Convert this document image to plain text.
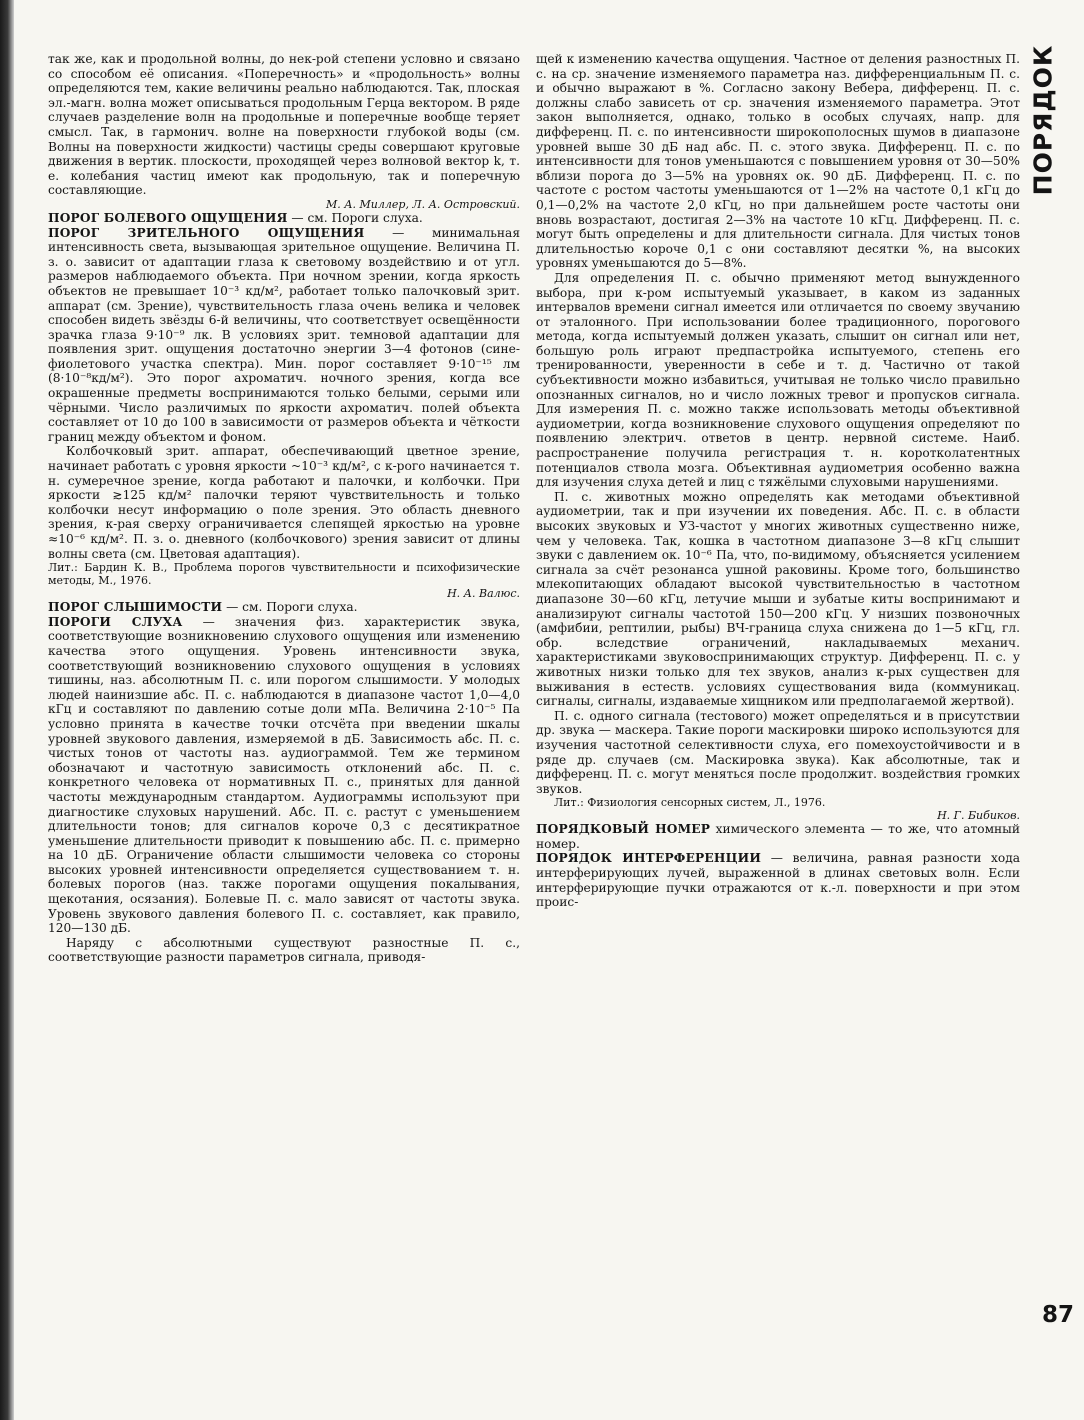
так же, как и продольной волны, до нек-рой степени условно и связано со способом её описания. «Поперечность» и «продольность» волны определяются тем, какие величины реально наблюдаются. Так, плоская эл.-магн. волна может описываться продольным Герца вектором. В ряде случаев разделение волн на продольные и поперечные вообще теряет смысл. Так, в гармонич. волне на поверхности глубокой воды (см. Волны на поверхности жидкости) частицы среды совершают круговые движения в вертик. плоскости, проходящей через волновой вектор k, т. е. колебания частиц имеют как продольную, так и поперечную составляющие.

М. А. Миллер, Л. А. Островский.

ПОРОГ БОЛЕВОГО ОЩУЩЕНИЯ — см. Пороги слуха.

ПОРОГ ЗРИТЕЛЬНОГО ОЩУЩЕНИЯ — минимальная интенсивность света, вызывающая зрительное ощущение. Величина П. з. о. зависит от адаптации глаза к световому воздействию и от угл. размеров наблюдаемого объекта. При ночном зрении, когда яркость объектов не превышает 10⁻³ кд/м², работает только палочковый зрит. аппарат (см. Зрение), чувствительность глаза очень велика и человек способен видеть звёзды 6-й величины, что соответствует освещённости зрачка глаза 9·10⁻⁹ лк. В условиях зрит. темновой адаптации для появления зрит. ощущения достаточно энергии 3—4 фотонов (сине-фиолетового участка спектра). Мин. порог составляет 9·10⁻¹⁵ лм (8·10⁻⁸кд/м²). Это порог ахроматич. ночного зрения, когда все окрашенные предметы воспринимаются только белыми, серыми или чёрными. Число различимых по яркости ахроматич. полей объекта составляет от 10 до 100 в зависимости от размеров объекта и чёткости границ между объектом и фоном.

Колбочковый зрит. аппарат, обеспечивающий цветное зрение, начинает работать с уровня яркости ~10⁻³ кд/м², с к-рого начинается т. н. сумеречное зрение, когда работают и палочки, и колбочки. При яркости ≳125 кд/м² палочки теряют чувствительность и только колбочки несут информацию о поле зрения. Это область дневного зрения, к-рая сверху ограничивается слепящей яркостью на уровне ≈10⁻⁶ кд/м². П. з. о. дневного (колбочкового) зрения зависит от длины волны света (см. Цветовая адаптация).

Лит.: Бардин К. В., Проблема порогов чувствительности и психофизические методы, М., 1976.

Н. А. Валюс.

ПОРОГ СЛЫШИМОСТИ — см. Пороги слуха.

ПОРОГИ СЛУХА — значения физ. характеристик звука, соответствующие возникновению слухового ощущения или изменению качества этого ощущения. Уровень интенсивности звука, соответствующий возникновению слухового ощущения в условиях тишины, наз. абсолютным П. с. или порогом слышимости. У молодых людей наинизшие абс. П. с. наблюдаются в диапазоне частот 1,0—4,0 кГц и составляют по давлению сотые доли мПа. Величина 2·10⁻⁵ Па условно принята в качестве точки отсчёта при введении шкалы уровней звукового давления, измеряемой в дБ. Зависимость абс. П. с. чистых тонов от частоты наз. аудиограммой. Тем же термином обозначают и частотную зависимость отклонений абс. П. с. конкретного человека от нормативных П. с., принятых для данной частоты международным стандартом. Аудиограммы используют при диагностике слуховых нарушений. Абс. П. с. растут с уменьшением длительности тонов; для сигналов короче 0,3 с десятикратное уменьшение длительности приводит к повышению абс. П. с. примерно на 10 дБ. Ограничение области слышимости человека со стороны высоких уровней интенсивности определяется существованием т. н. болевых порогов (наз. также порогами ощущения покалывания, щекотания, осязания). Болевые П. с. мало зависят от частоты звука. Уровень звукового давления болевого П. с. составляет, как правило, 120—130 дБ.

Наряду с абсолютными существуют разностные П. с., соответствующие разности параметров сигнала, приводя-

щей к изменению качества ощущения. Частное от деления разностных П. с. на ср. значение изменяемого параметра наз. дифференциальным П. с. и обычно выражают в %. Согласно закону Вебера, дифференц. П. с. должны слабо зависеть от ср. значения изменяемого параметра. Этот закон выполняется, однако, только в особых случаях, напр. для дифференц. П. с. по интенсивности широкополосных шумов в диапазоне уровней выше 30 дБ над абс. П. с. этого звука. Дифференц. П. с. по интенсивности для тонов уменьшаются с повышением уровня от 30—50% вблизи порога до 3—5% на уровнях ок. 90 дБ. Дифференц. П. с. по частоте с ростом частоты уменьшаются от 1—2% на частоте 0,1 кГц до 0,1—0,2% на частоте 2,0 кГц, но при дальнейшем росте частоты они вновь возрастают, достигая 2—3% на частоте 10 кГц. Дифференц. П. с. могут быть определены и для длительности сигнала. Для чистых тонов длительностью короче 0,1 с они составляют десятки %, на высоких уровнях уменьшаются до 5—8%.

Для определения П. с. обычно применяют метод вынужденного выбора, при к-ром испытуемый указывает, в каком из заданных интервалов времени сигнал имеется или отличается по своему звучанию от эталонного. При использовании более традиционного, порогового метода, когда испытуемый должен указать, слышит он сигнал или нет, большую роль играют предпастройка испытуемого, степень его тренированности, уверенности в себе и т. д. Частично от такой субъективности можно избавиться, учитывая не только число правильно опознанных сигналов, но и число ложных тревог и пропусков сигнала. Для измерения П. с. можно также использовать методы объективной аудиометрии, когда возникновение слухового ощущения определяют по появлению электрич. ответов в центр. нервной системе. Наиб. распространение получила регистрация т. н. коротколатентных потенциалов ствола мозга. Объективная аудиометрия особенно важна для изучения слуха детей и лиц с тяжёлыми слуховыми нарушениями.

П. с. животных можно определять как методами объективной аудиометрии, так и при изучении их поведения. Абс. П. с. в области высоких звуковых и УЗ-частот у многих животных существенно ниже, чем у человека. Так, кошка в частотном диапазоне 3—8 кГц слышит звуки с давлением ок. 10⁻⁶ Па, что, по-видимому, объясняется усилением сигнала за счёт резонанса ушной раковины. Кроме того, большинство млекопитающих обладают высокой чувствительностью в частотном диапазоне 30—60 кГц, летучие мыши и зубатые киты воспринимают и анализируют сигналы частотой 150—200 кГц. У низших позвоночных (амфибии, рептилии, рыбы) ВЧ-граница слуха снижена до 1—5 кГц, гл. обр. вследствие ограничений, накладываемых механич. характеристиками звуковоспринимающих структур. Дифференц. П. с. у животных низки только для тех звуков, анализ к-рых существен для выживания в естеств. условиях существования вида (коммуникац. сигналы, сигналы, издаваемые хищником или предполагаемой жертвой).

П. с. одного сигнала (тестового) может определяться и в присутствии др. звука — маскера. Такие пороги маскировки широко используются для изучения частотной селективности слуха, его помехоустойчивости и в ряде др. случаев (см. Маскировка звука). Как абсолютные, так и дифференц. П. с. могут меняться после продолжит. воздействия громких звуков.

Лит.: Физиология сенсорных систем, Л., 1976.

Н. Г. Бибиков.

ПОРЯДКОВЫЙ НОМЕР химического элемента — то же, что атомный номер.

ПОРЯДОК ИНТЕРФЕРЕНЦИИ — величина, равная разности хода интерферирующих лучей, выраженной в длинах световых волн. Если интерферирующие пучки отражаются от к.-л. поверхности и при этом проис-

ПОРЯДОК
87
